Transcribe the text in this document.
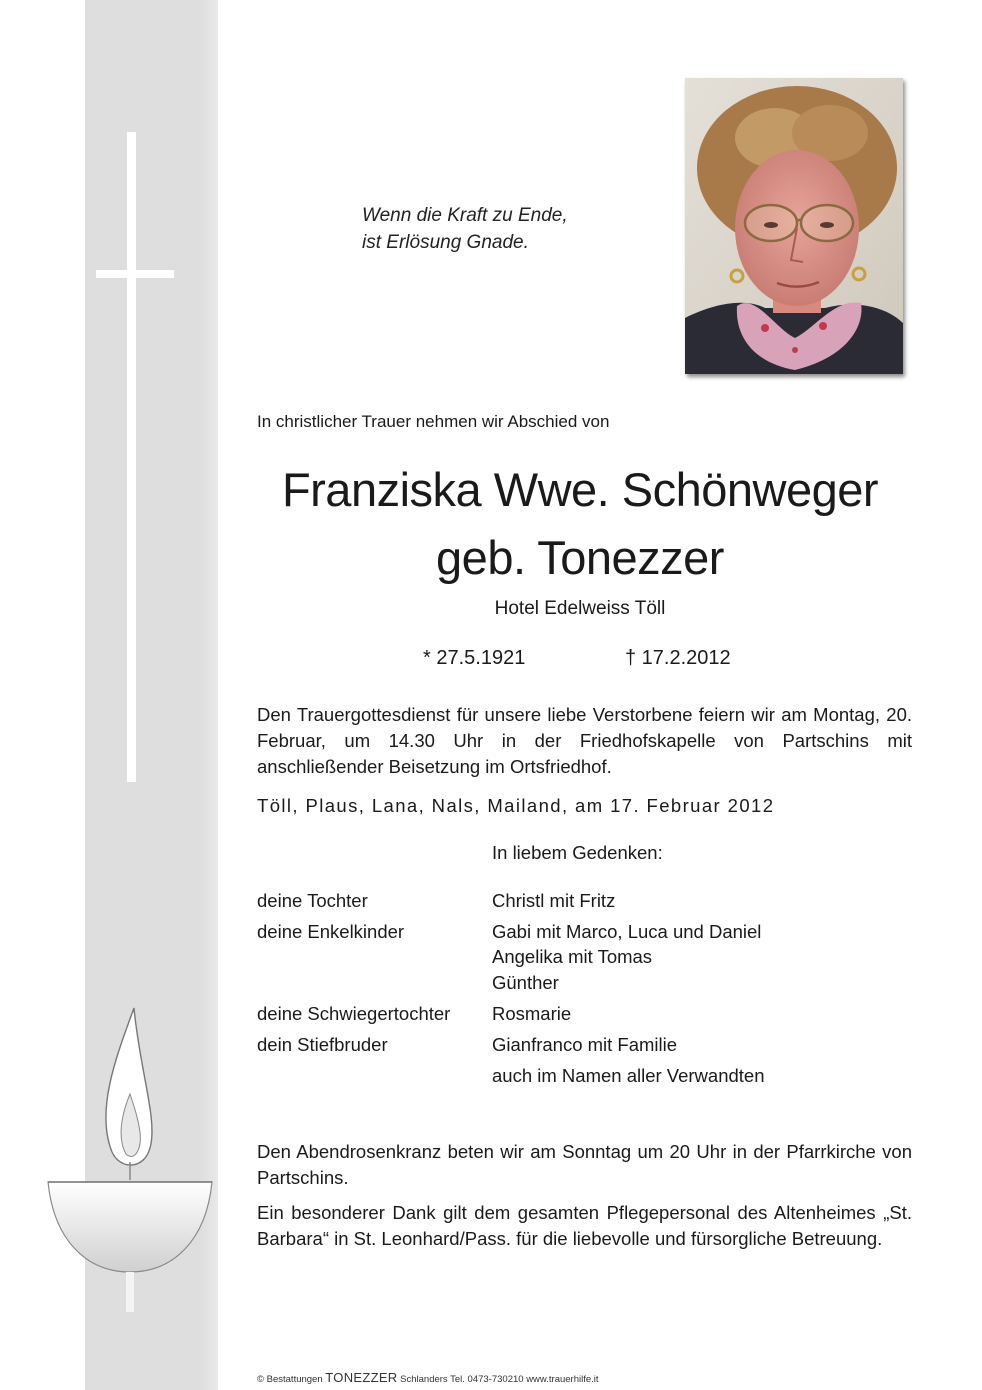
Wenn die Kraft zu Ende,
ist Erlösung Gnade.
In christlicher Trauer nehmen wir Abschied von
Franziska Wwe. Schönweger
geb. Tonezzer
Hotel Edelweiss Töll
* 27.5.1921	† 17.2.2012
Den Trauergottesdienst für unsere liebe Verstorbene feiern wir am Montag, 20. Februar, um 14.30 Uhr in der Friedhofskapelle von Partschins mit anschließender Beisetzung im Ortsfriedhof.
Töll, Plaus, Lana, Nals, Mailand, am 17. Februar 2012
In liebem Gedenken:
deine Tochter	Christl mit Fritz
deine Enkelkinder	Gabi mit Marco, Luca und Daniel
Angelika mit Tomas
Günther
deine Schwiegertochter Rosmarie
dein Stiefbruder	Gianfranco mit Familie
auch im Namen aller Verwandten
Den Abendrosenkranz beten wir am Sonntag um 20 Uhr in der Pfarrkirche von Partschins.
Ein besonderer Dank gilt dem gesamten Pflegepersonal des Altenheimes „St. Barbara“ in St. Leonhard/Pass. für die liebevolle und fürsorgliche Betreuung.
© Bestattungen TONEZZER Schlanders Tel. 0473-730210 www.trauerhilfe.it
